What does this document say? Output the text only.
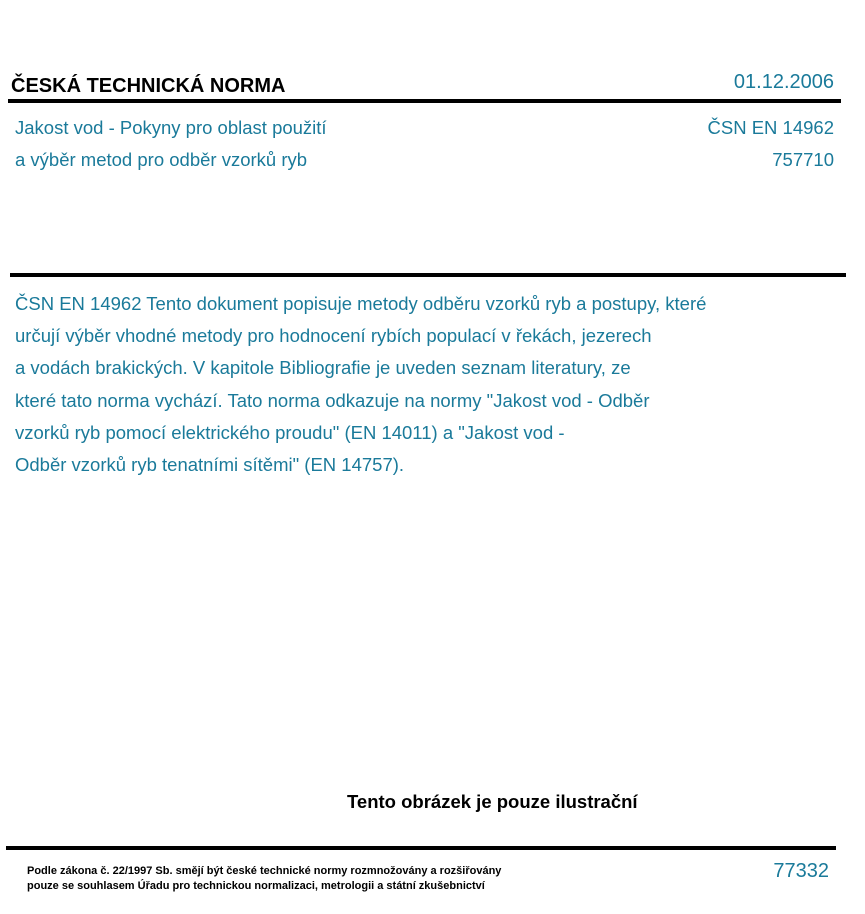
ČESKÁ TECHNICKÁ NORMA	01.12.2006
Jakost vod - Pokyny pro oblast použití
a výběr metod pro odběr vzorků ryb
ČSN EN 14962
757710
ČSN EN 14962 Tento dokument popisuje metody odběru vzorků ryb a postupy, které
určují výběr vhodné metody pro hodnocení rybích populací v řekách, jezerech
a vodách brakických. V kapitole Bibliografie je uveden seznam literatury, ze
které tato norma vychází. Tato norma odkazuje na normy "Jakost vod - Odběr
vzorků ryb pomocí elektrického proudu" (EN 14011) a "Jakost vod -
Odběr vzorků ryb tenatními sítěmi" (EN 14757).
Tento obrázek je pouze ilustrační
Podle zákona č. 22/1997 Sb. smějí být české technické normy rozmnožovány a rozšiřovány
pouze se souhlasem Úřadu pro technickou normalizaci, metrologii a státní zkušebnictví
77332
